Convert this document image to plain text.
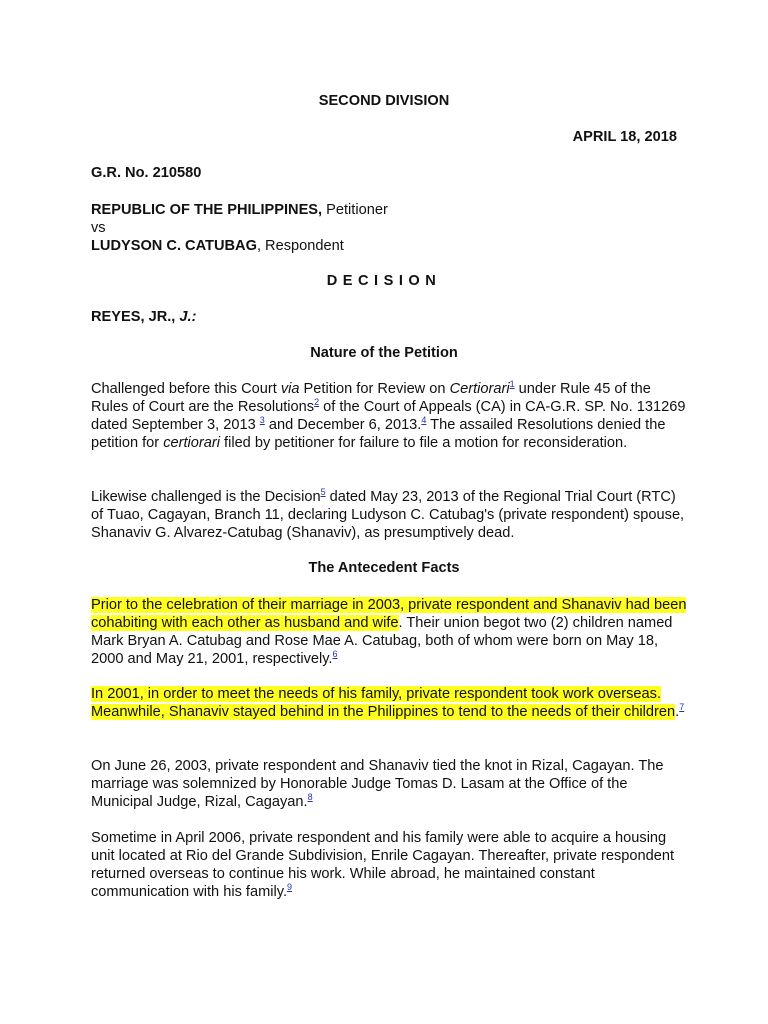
SECOND DIVISION
APRIL 18, 2018
G.R. No. 210580
REPUBLIC OF THE PHILIPPINES, Petitioner
vs
LUDYSON C. CATUBAG, Respondent
DECISION
REYES, JR., J.:
Nature of the Petition

Challenged before this Court via Petition for Review on Certiorari$^1$ under Rule 45 of the Rules of Court are the Resolutions$^2$ of the Court of Appeals (CA) in CA-G.R. SP. No. 131269 dated September 3, 2013 $^3$ and December 6, 2013.$^4$ The assailed Resolutions denied the petition for certiorari filed by petitioner for failure to file a motion for reconsideration.

Likewise challenged is the Decision$^5$ dated May 23, 2013 of the Regional Trial Court (RTC) of Tuao, Cagayan, Branch 11, declaring Ludyson C. Catubag's (private respondent) spouse, Shanaviv G. Alvarez-Catubag (Shanaviv), as presumptively dead.

The Antecedent Facts

Prior to the celebration of their marriage in 2003, private respondent and Shanaviv had been cohabiting with each other as husband and wife. Their union begot two (2) children named Mark Bryan A. Catubag and Rose Mae A. Catubag, both of whom were born on May 18, 2000 and May 21, 2001, respectively.$^6$

In 2001, in order to meet the needs of his family, private respondent took work overseas. Meanwhile, Shanaviv stayed behind in the Philippines to tend to the needs of their children.$^7$

On June 26, 2003, private respondent and Shanaviv tied the knot in Rizal, Cagayan. The marriage was solemnized by Honorable Judge Tomas D. Lasam at the Office of the Municipal Judge, Rizal, Cagayan.$^8$

Sometime in April 2006, private respondent and his family were able to acquire a housing unit located at Rio del Grande Subdivision, Enrile Cagayan. Thereafter, private respondent returned overseas to continue his work. While abroad, he maintained constant communication with his family.$^9$
